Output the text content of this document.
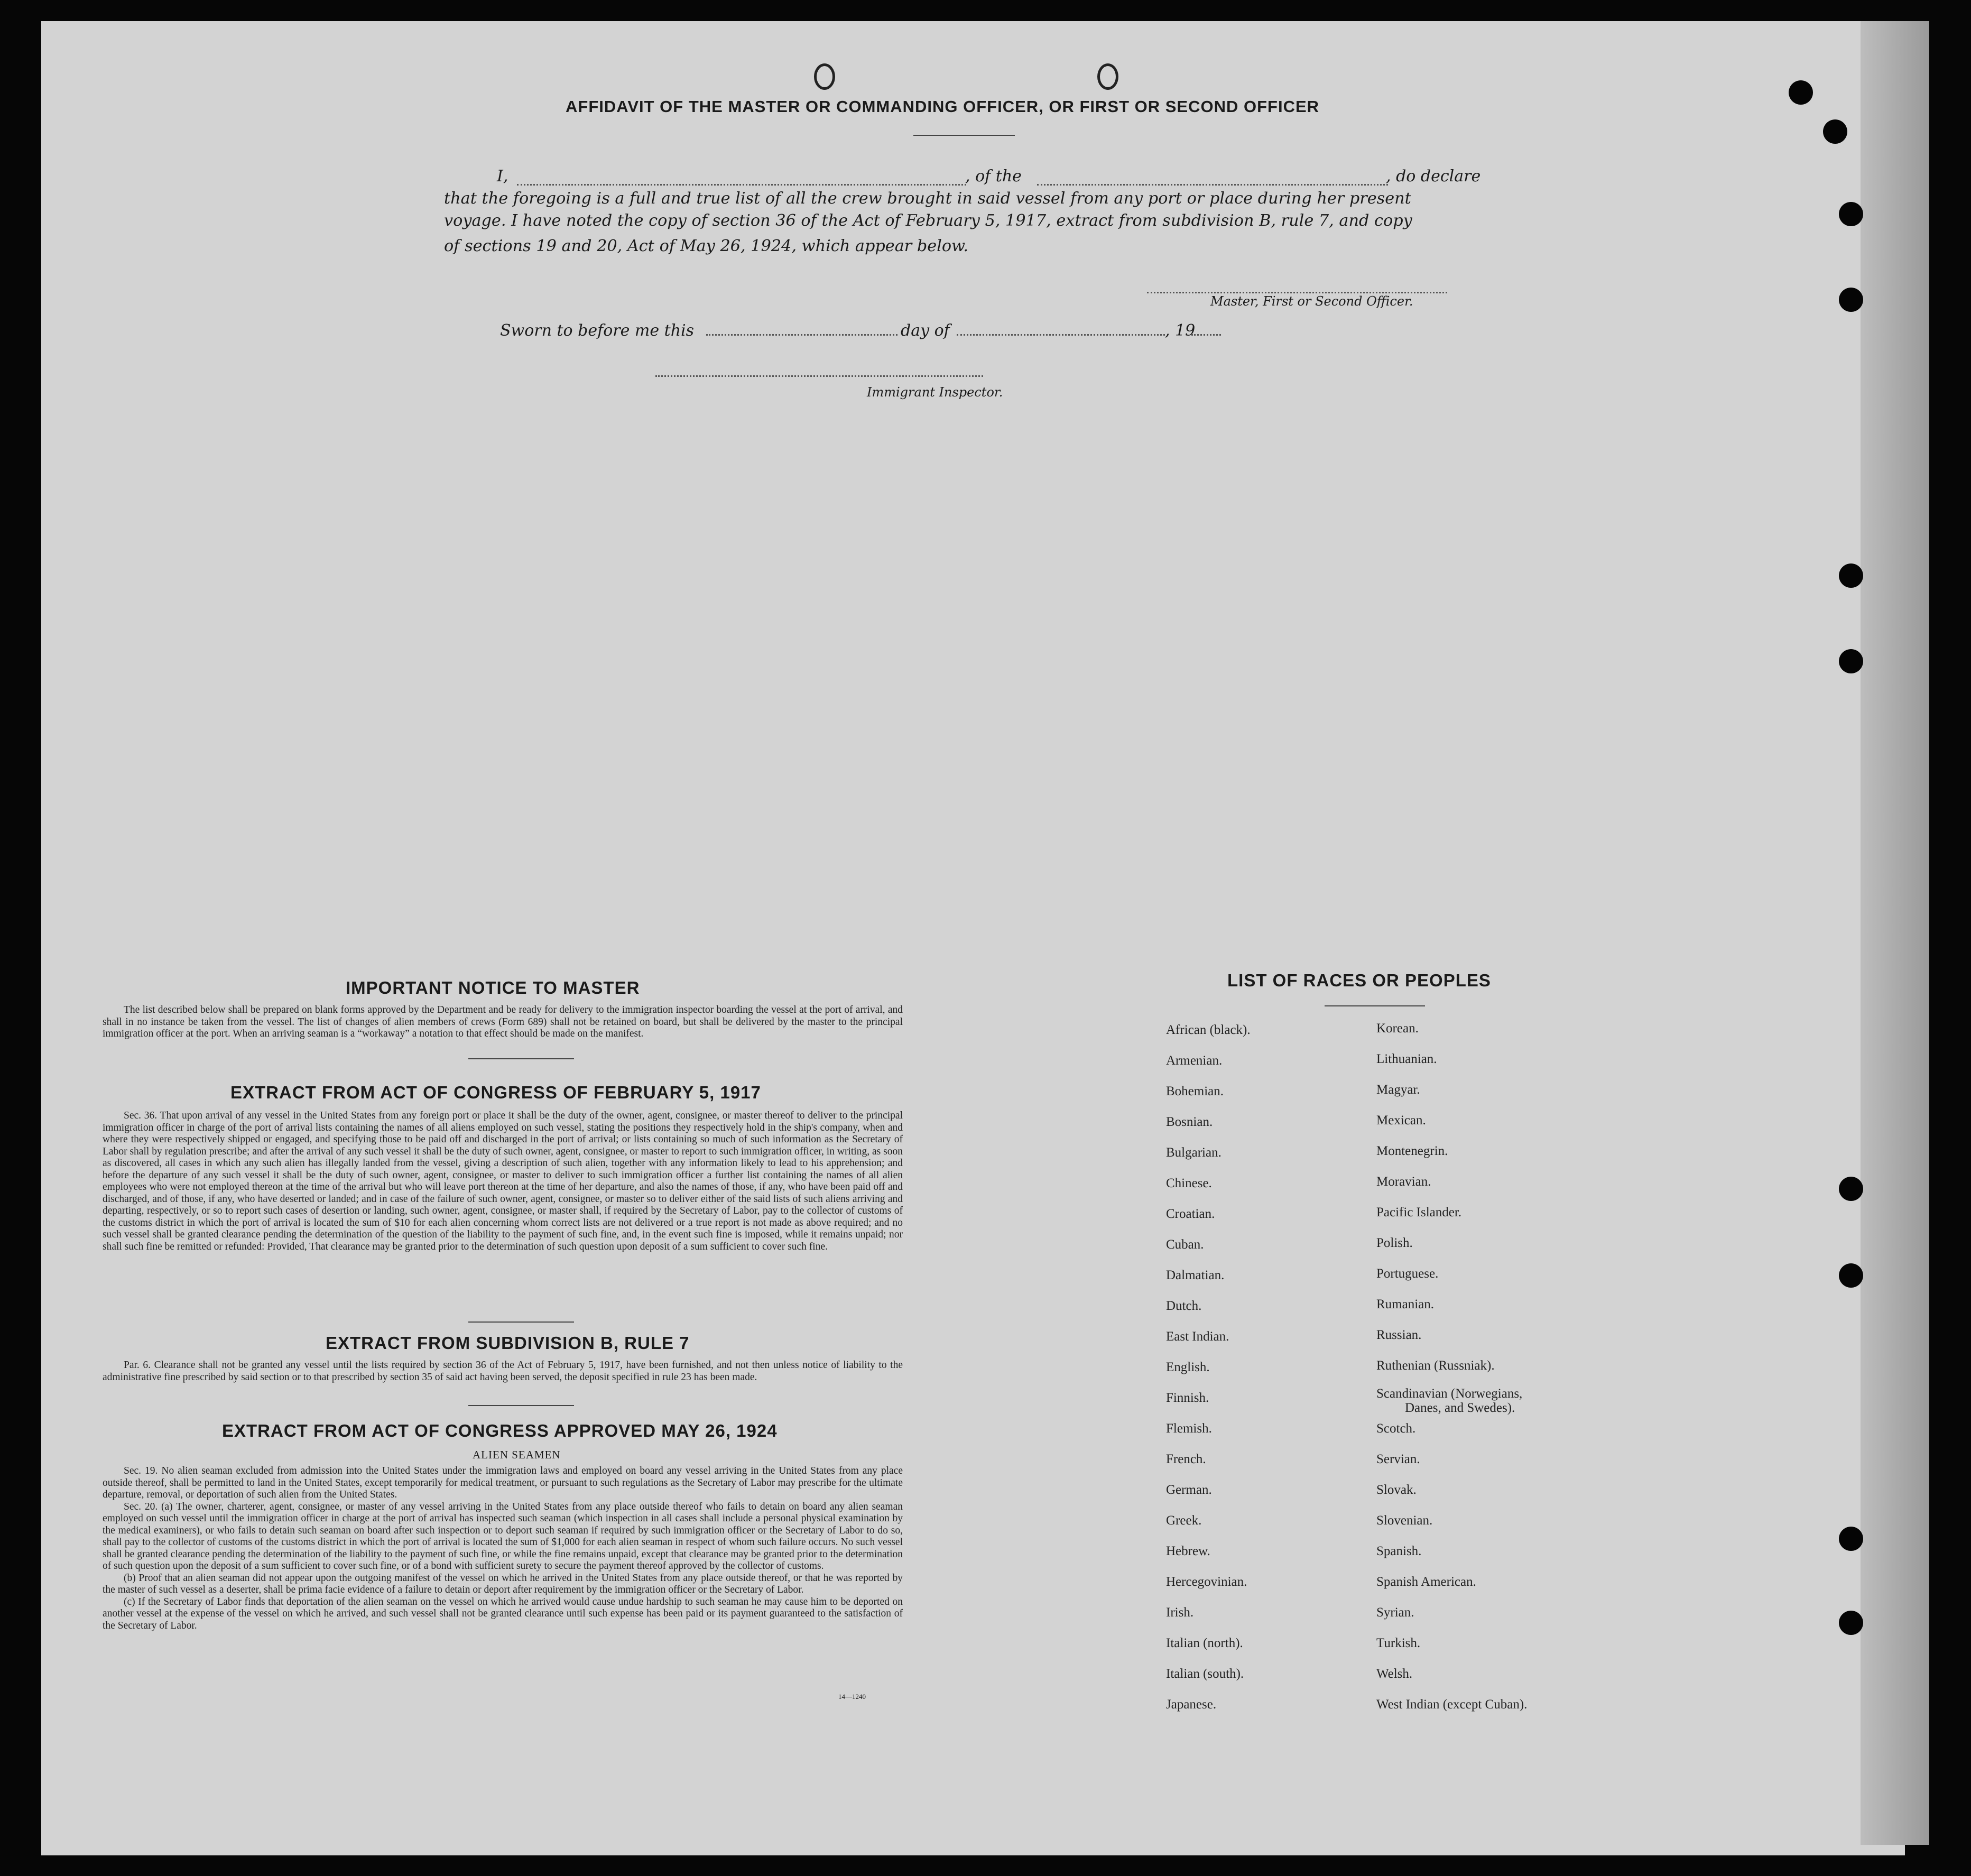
AFFIDAVIT OF THE MASTER OR COMMANDING OFFICER, OR FIRST OR SECOND OFFICER
I,	, of the	, do declare
that the foregoing is a full and true list of all the crew brought in said vessel from any port or place during her present
voyage. I have noted the copy of section 36 of the Act of February 5, 1917, extract from subdivision B, rule 7, and copy
of sections 19 and 20, Act of May 26, 1924, which appear below.
Master, First or Second Officer.
Sworn to before me this	day of	, 19
Immigrant Inspector.
IMPORTANT NOTICE TO MASTER

The list described below shall be prepared on blank forms approved by the Department and be ready for delivery to the immigration inspector boarding the vessel at the port of arrival, and shall in no instance be taken from the vessel. The list of changes of alien members of crews (Form 689) shall not be retained on board, but shall be delivered by the master to the principal immigration officer at the port. When an arriving seaman is a “workaway” a notation to that effect should be made on the manifest.

EXTRACT FROM ACT OF CONGRESS OF FEBRUARY 5, 1917

Sec. 36. That upon arrival of any vessel in the United States from any foreign port or place it shall be the duty of the owner, agent, consignee, or master thereof to deliver to the principal immigration officer in charge of the port of arrival lists containing the names of all aliens employed on such vessel, stating the positions they respectively hold in the ship's company, when and where they were respectively shipped or engaged, and specifying those to be paid off and discharged in the port of arrival; or lists containing so much of such information as the Secretary of Labor shall by regulation prescribe; and after the arrival of any such vessel it shall be the duty of such owner, agent, consignee, or master to report to such immigration officer, in writing, as soon as discovered, all cases in which any such alien has illegally landed from the vessel, giving a description of such alien, together with any information likely to lead to his apprehension; and before the departure of any such vessel it shall be the duty of such owner, agent, consignee, or master to deliver to such immigration officer a further list containing the names of all alien employees who were not employed thereon at the time of the arrival but who will leave port thereon at the time of her departure, and also the names of those, if any, who have been paid off and discharged, and of those, if any, who have deserted or landed; and in case of the failure of such owner, agent, consignee, or master so to deliver either of the said lists of such aliens arriving and departing, respectively, or so to report such cases of desertion or landing, such owner, agent, consignee, or master shall, if required by the Secretary of Labor, pay to the collector of customs of the customs district in which the port of arrival is located the sum of $10 for each alien concerning whom correct lists are not delivered or a true report is not made as above required; and no such vessel shall be granted clearance pending the determination of the question of the liability to the payment of such fine, and, in the event such fine is imposed, while it remains unpaid; nor shall such fine be remitted or refunded: Provided, That clearance may be granted prior to the determination of such question upon deposit of a sum sufficient to cover such fine.

EXTRACT FROM SUBDIVISION B, RULE 7

Par. 6. Clearance shall not be granted any vessel until the lists required by section 36 of the Act of February 5, 1917, have been furnished, and not then unless notice of liability to the administrative fine prescribed by said section or to that prescribed by section 35 of said act having been served, the deposit specified in rule 23 has been made.

EXTRACT FROM ACT OF CONGRESS APPROVED MAY 26, 1924
ALIEN SEAMEN

Sec. 19. No alien seaman excluded from admission into the United States under the immigration laws and employed on board any vessel arriving in the United States from any place outside thereof, shall be permitted to land in the United States, except temporarily for medical treatment, or pursuant to such regulations as the Secretary of Labor may prescribe for the ultimate departure, removal, or deportation of such alien from the United States.

Sec. 20. (a) The owner, charterer, agent, consignee, or master of any vessel arriving in the United States from any place outside thereof who fails to detain on board any alien seaman employed on such vessel until the immigration officer in charge at the port of arrival has inspected such seaman (which inspection in all cases shall include a personal physical examination by the medical examiners), or who fails to detain such seaman on board after such inspection or to deport such seaman if required by such immigration officer or the Secretary of Labor to do so, shall pay to the collector of customs of the customs district in which the port of arrival is located the sum of $1,000 for each alien seaman in respect of whom such failure occurs. No such vessel shall be granted clearance pending the determination of the liability to the payment of such fine, or while the fine remains unpaid, except that clearance may be granted prior to the determination of such question upon the deposit of a sum sufficient to cover such fine, or of a bond with sufficient surety to secure the payment thereof approved by the collector of customs.

(b) Proof that an alien seaman did not appear upon the outgoing manifest of the vessel on which he arrived in the United States from any place outside thereof, or that he was reported by the master of such vessel as a deserter, shall be prima facie evidence of a failure to detain or deport after requirement by the immigration officer or the Secretary of Labor.

(c) If the Secretary of Labor finds that deportation of the alien seaman on the vessel on which he arrived would cause undue hardship to such seaman he may cause him to be deported on another vessel at the expense of the vessel on which he arrived, and such vessel shall not be granted clearance until such expense has been paid or its payment guaranteed to the satisfaction of the Secretary of Labor.

14—1240
LIST OF RACES OR PEOPLES
African (black).
Armenian.
Bohemian.
Bosnian.
Bulgarian.
Chinese.
Croatian.
Cuban.
Dalmatian.
Dutch.
East Indian.
English.
Finnish.
Flemish.
French.
German.
Greek.
Hebrew.
Hercegovinian.
Irish.
Italian (north).
Italian (south).
Japanese.
Korean.
Lithuanian.
Magyar.
Mexican.
Montenegrin.
Moravian.
Pacific Islander.
Polish.
Portuguese.
Rumanian.
Russian.
Ruthenian (Russniak).
Scandinavian (Norwegians,
Danes, and Swedes).
Scotch.
Servian.
Slovak.
Slovenian.
Spanish.
Spanish American.
Syrian.
Turkish.
Welsh.
West Indian (except Cuban).
